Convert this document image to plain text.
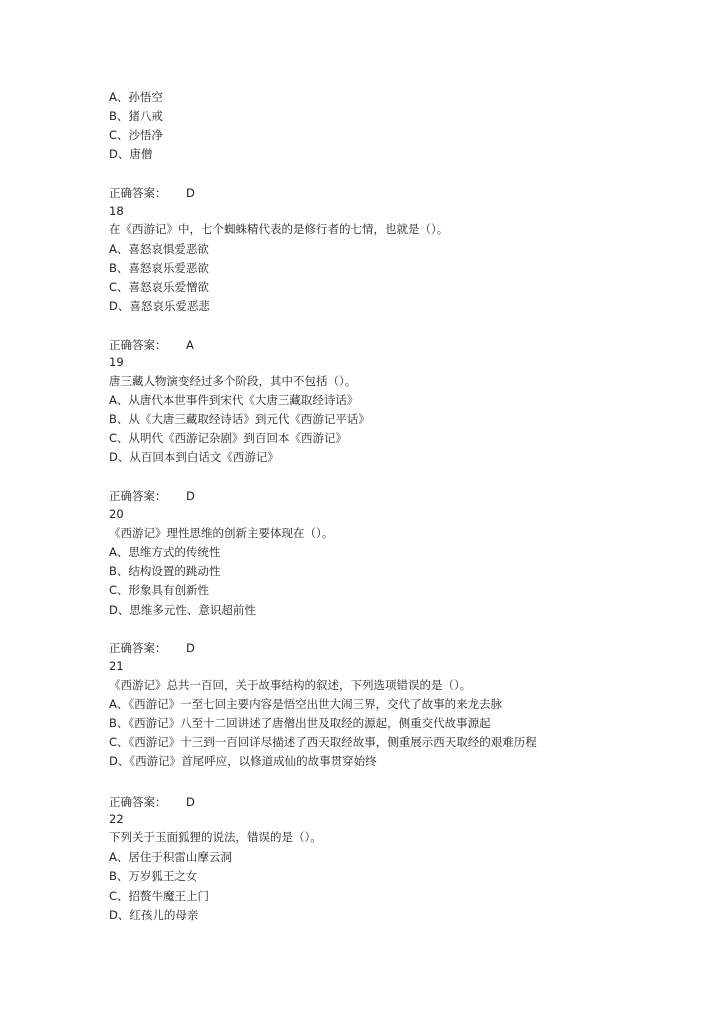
A、孙悟空
B、猪八戒
C、沙悟净
D、唐僧
正确答案： D
18
在《西游记》中，七个蜘蛛精代表的是修行者的七情，也就是（）。
A、喜怒哀惧爱恶欲
B、喜怒哀乐爱恶欲
C、喜怒哀乐爱憎欲
D、喜怒哀乐爱恶悲
正确答案： A
19
唐三藏人物演变经过多个阶段，其中不包括（）。
A、从唐代本世事件到宋代《大唐三藏取经诗话》
B、从《大唐三藏取经诗话》到元代《西游记平话》
C、从明代《西游记杂剧》到百回本《西游记》
D、从百回本到白话文《西游记》
正确答案： D
20
《西游记》理性思维的创新主要体现在（）。
A、思维方式的传统性
B、结构设置的跳动性
C、形象具有创新性
D、思维多元性、意识超前性
正确答案： D
21
《西游记》总共一百回，关于故事结构的叙述，下列选项错误的是（）。
A、《西游记》一至七回主要内容是悟空出世大闹三界，交代了故事的来龙去脉
B、《西游记》八至十二回讲述了唐僧出世及取经的源起，侧重交代故事源起
C、《西游记》十三到一百回详尽描述了西天取经故事，侧重展示西天取经的艰难历程
D、《西游记》首尾呼应，以修道成仙的故事贯穿始终
正确答案： D
22
下列关于玉面狐狸的说法，错误的是（）。
A、居住于积雷山摩云洞
B、万岁狐王之女
C、招赘牛魔王上门
D、红孩儿的母亲
